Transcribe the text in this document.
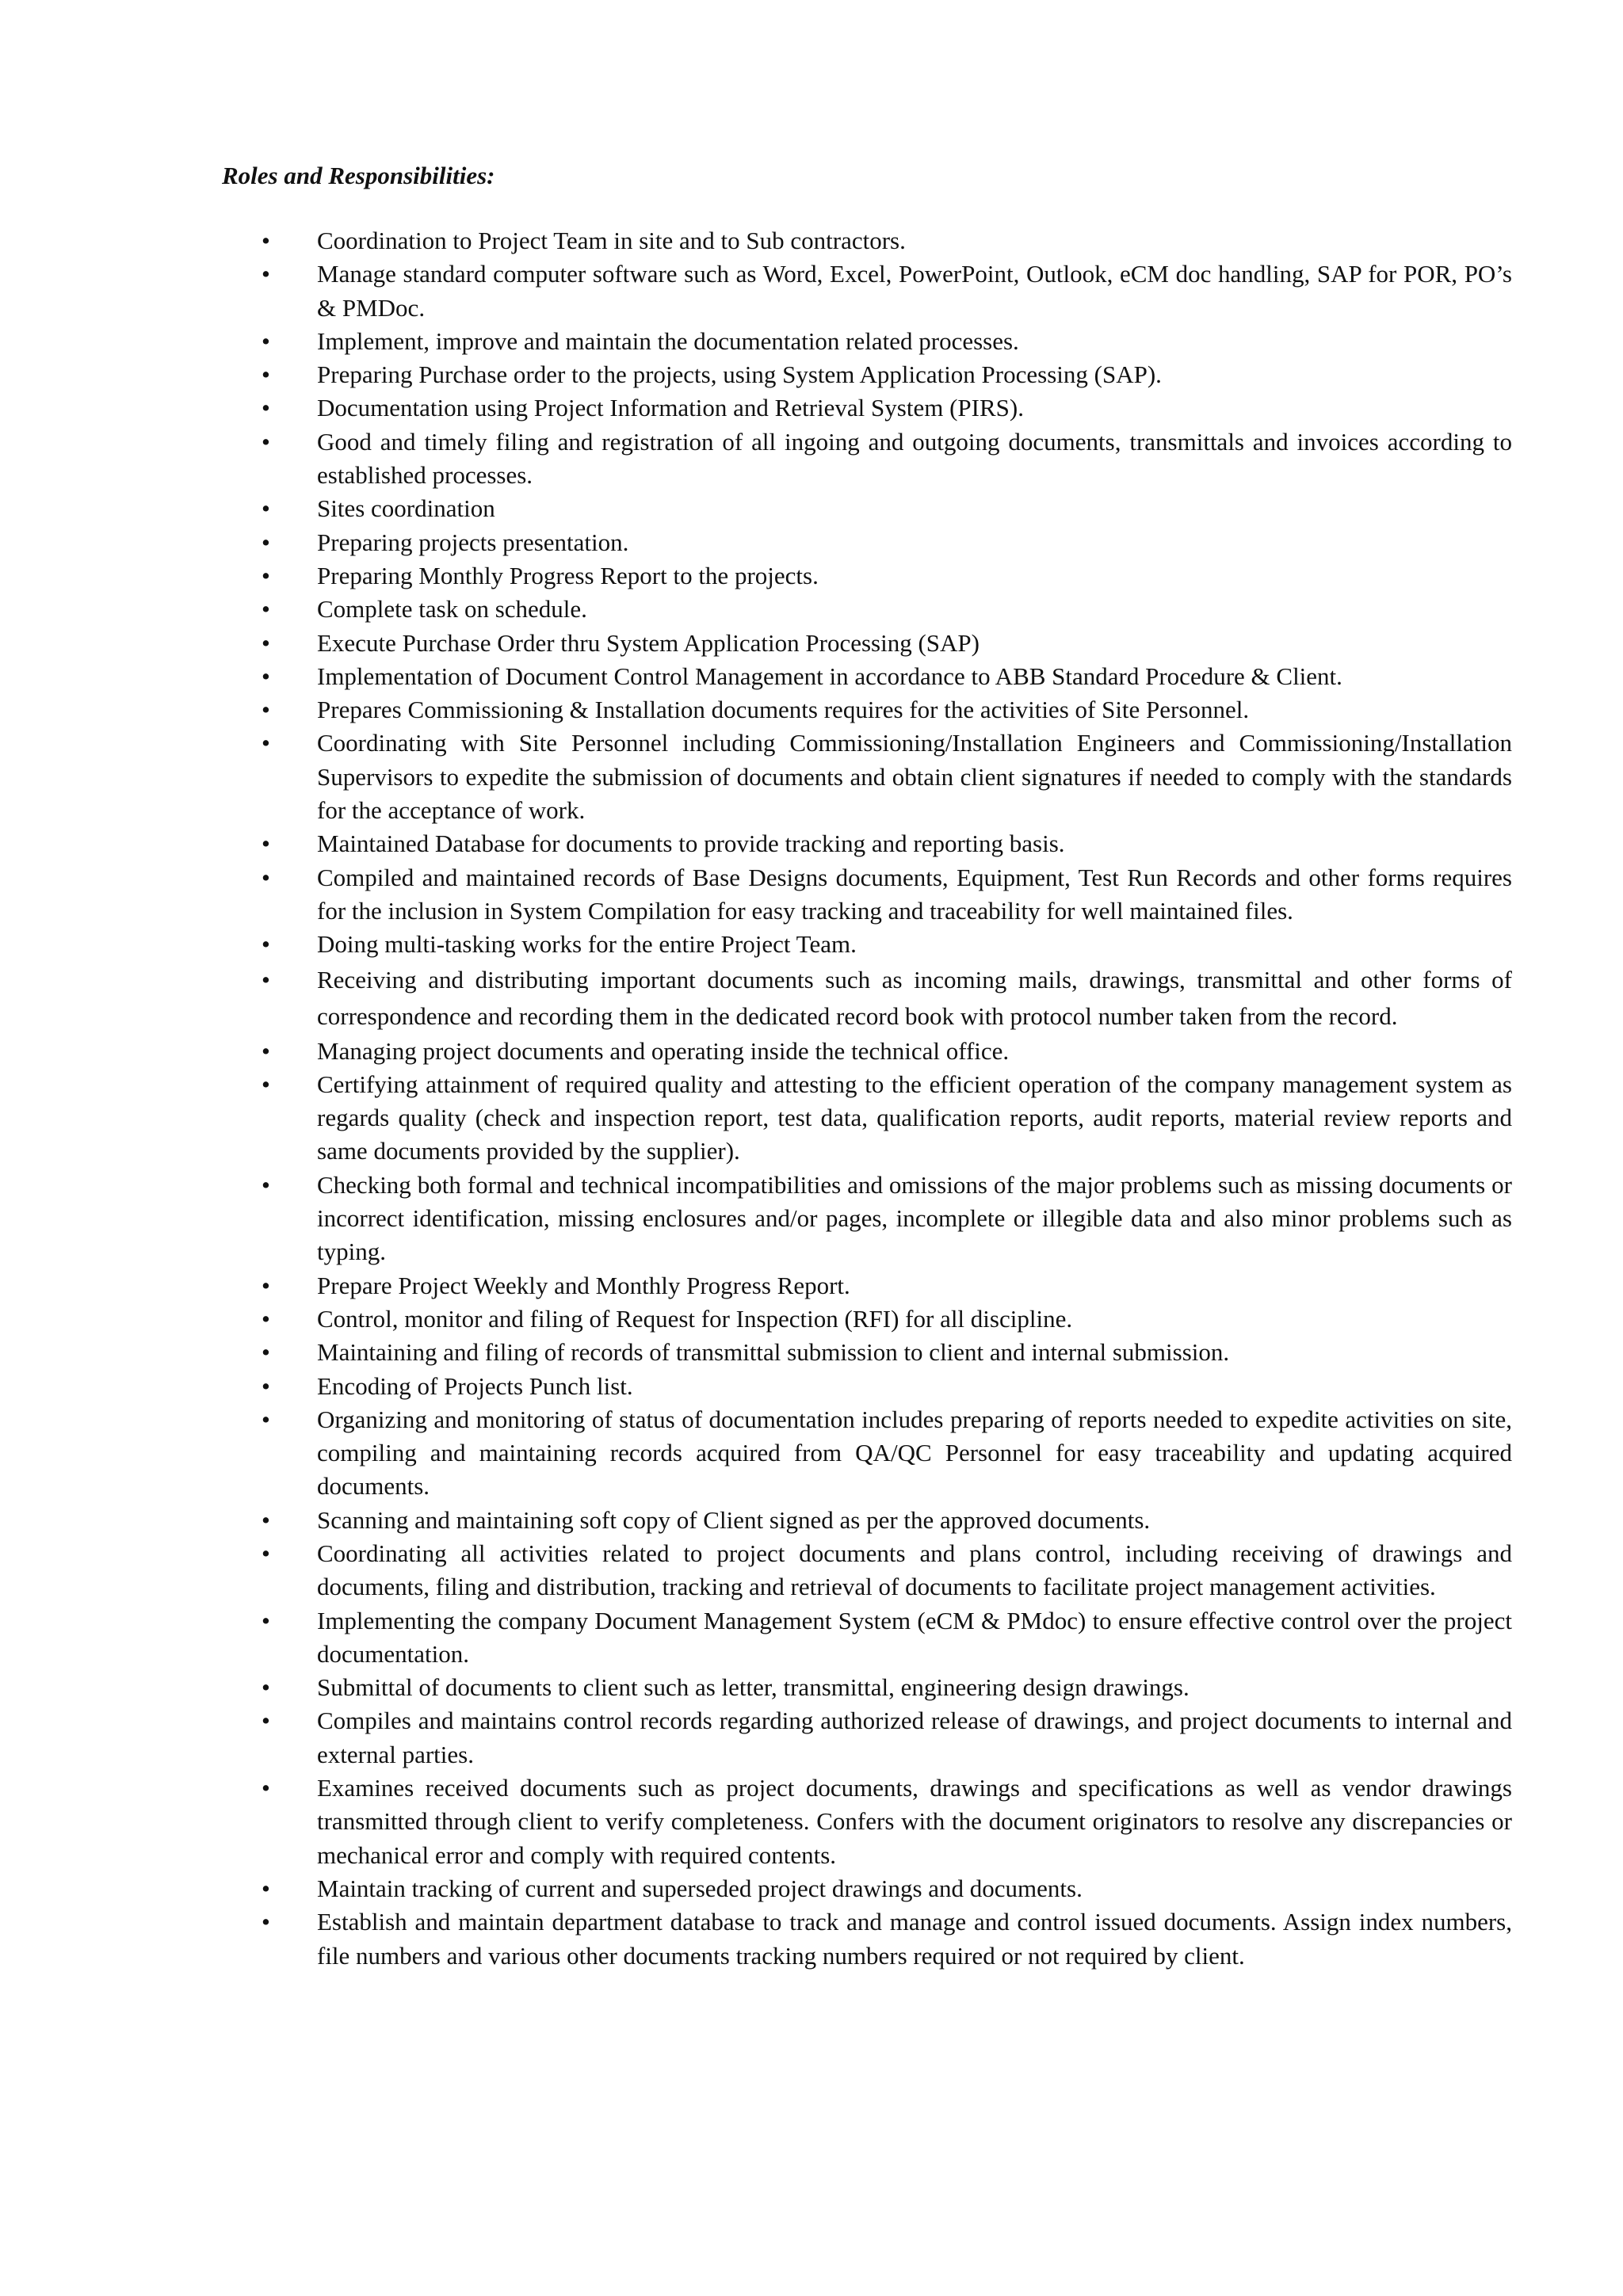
Roles and Responsibilities:
• Coordination to Project Team in site and to Sub contractors.
• Manage standard computer software such as Word, Excel, PowerPoint, Outlook, eCM doc handling, SAP for POR, PO’s & PMDoc.
• Implement, improve and maintain the documentation related processes.
• Preparing Purchase order to the projects, using System Application Processing (SAP).
• Documentation using Project Information and Retrieval System (PIRS).
• Good and timely filing and registration of all ingoing and outgoing documents, transmittals and invoices according to established processes.
• Sites coordination
• Preparing projects presentation.
• Preparing Monthly Progress Report to the projects.
• Complete task on schedule.
• Execute Purchase Order thru System Application Processing (SAP)
• Implementation of Document Control Management in accordance to ABB Standard Procedure & Client.
• Prepares Commissioning & Installation documents requires for the activities of Site Personnel.
• Coordinating with Site Personnel including Commissioning/Installation Engineers and Commissioning/Installation Supervisors to expedite the submission of documents and obtain client signatures if needed to comply with the standards for the acceptance of work.
• Maintained Database for documents to provide tracking and reporting basis.
• Compiled and maintained records of Base Designs documents, Equipment, Test Run Records and other forms requires for the inclusion in System Compilation for easy tracking and traceability for well maintained files.
• Doing multi-tasking works for the entire Project Team.
• Receiving and distributing important documents such as incoming mails, drawings, transmittal and other forms of correspondence and recording them in the dedicated record book with protocol number taken from the record.
• Managing project documents and operating inside the technical office.
• Certifying attainment of required quality and attesting to the efficient operation of the company management system as regards quality (check and inspection report, test data, qualification reports, audit reports, material review reports and same documents provided by the supplier).
• Checking both formal and technical incompatibilities and omissions of the major problems such as missing documents or incorrect identification, missing enclosures and/or pages, incomplete or illegible data and also minor problems such as typing.
• Prepare Project Weekly and Monthly Progress Report.
• Control, monitor and filing of Request for Inspection (RFI) for all discipline.
• Maintaining and filing of records of transmittal submission to client and internal submission.
• Encoding of Projects Punch list.
• Organizing and monitoring of status of documentation includes preparing of reports needed to expedite activities on site, compiling and maintaining records acquired from QA/QC Personnel for easy traceability and updating acquired documents.
• Scanning and maintaining soft copy of Client signed as per the approved documents.
• Coordinating all activities related to project documents and plans control, including receiving of drawings and documents, filing and distribution, tracking and retrieval of documents to facilitate project management activities.
• Implementing the company Document Management System (eCM & PMdoc) to ensure effective control over the project documentation.
• Submittal of documents to client such as letter, transmittal, engineering design drawings.
• Compiles and maintains control records regarding authorized release of drawings, and project documents to internal and external parties.
• Examines received documents such as project documents, drawings and specifications as well as vendor drawings transmitted through client to verify completeness. Confers with the document originators to resolve any discrepancies or mechanical error and comply with required contents.
• Maintain tracking of current and superseded project drawings and documents.
• Establish and maintain department database to track and manage and control issued documents. Assign index numbers, file numbers and various other documents tracking numbers required or not required by client.
